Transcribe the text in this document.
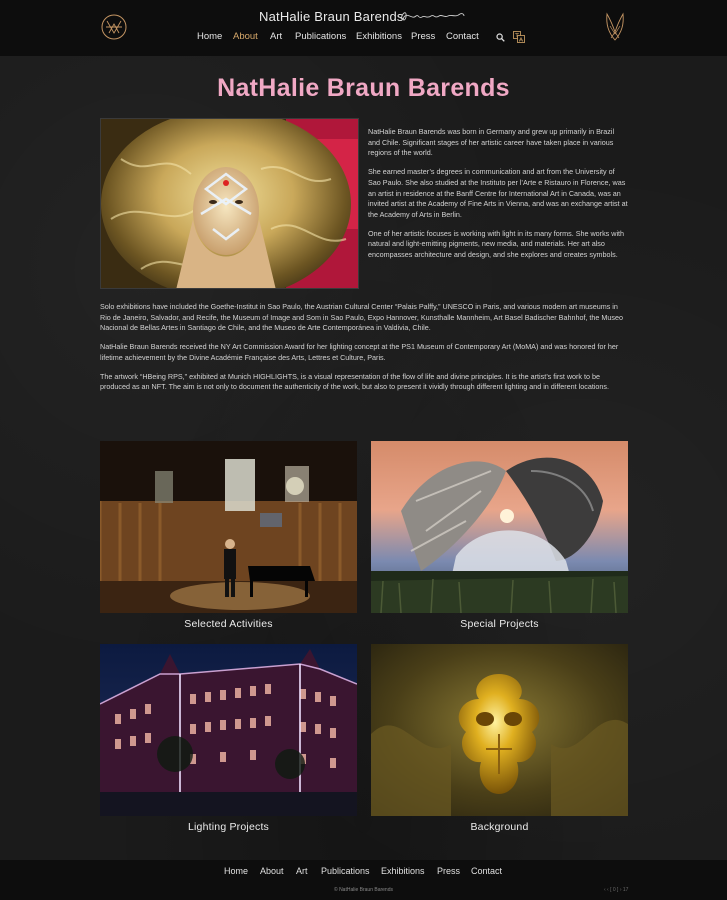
NatHalie Braun Barends
Home About Art Publications Exhibitions Press Contact
NatHalie Braun Barends

NatHalie Braun Barends was born in Germany and grew up primarily in Brazil and Chile. Significant stages of her artistic career have taken place in various regions of the world.

She earned master’s degrees in communication and art from the University of Sao Paulo. She also studied at the Instituto per l’Arte e Ristauro in Florence, was an artist in residence at the Banff Centre for International Art in Canada, was an invited artist at the Academy of Fine Arts in Vienna, and was an exchange artist at the Academy of Arts in Berlin.

One of her artistic focuses is working with light in its many forms. She works with natural and light-emitting pigments, new media, and materials. Her art also encompasses architecture and design, and she explores and creates symbols.

Solo exhibitions have included the Goethe-Institut in Sao Paulo, the Austrian Cultural Center “Palais Palffy,” UNESCO in Paris, and various modern art museums in Rio de Janeiro, Salvador, and Recife, the Museum of Image and Som in Sao Paulo, Expo Hannover, Kunsthalle Mannheim, Art Basel Badischer Bahnhof, the Museo Nacional de Bellas Artes in Santiago de Chile, and the Museo de Arte Contemporánea in Valdivia, Chile.

NatHalie Braun Barends received the NY Art Commission Award for her lighting concept at the PS1 Museum of Contemporary Art (MoMA) and was honored for her lifetime achievement by the Divine Académie Française des Arts, Lettres et Culture, Paris.

The artwork “HBeing RPS,” exhibited at Munich HIGHLIGHTS, is a visual representation of the flow of life and divine principles. It is the artist’s first work to be produced as an NFT. The aim is not only to document the authenticity of the work, but also to present it vividly through different lighting and in different locations.

Selected Activities	Special Projects
Lighting Projects	Background
Home About Art Publications Exhibitions Press Contact
© NatHalie Braun Barends	‹ ‹ [ 0 ] › 17
